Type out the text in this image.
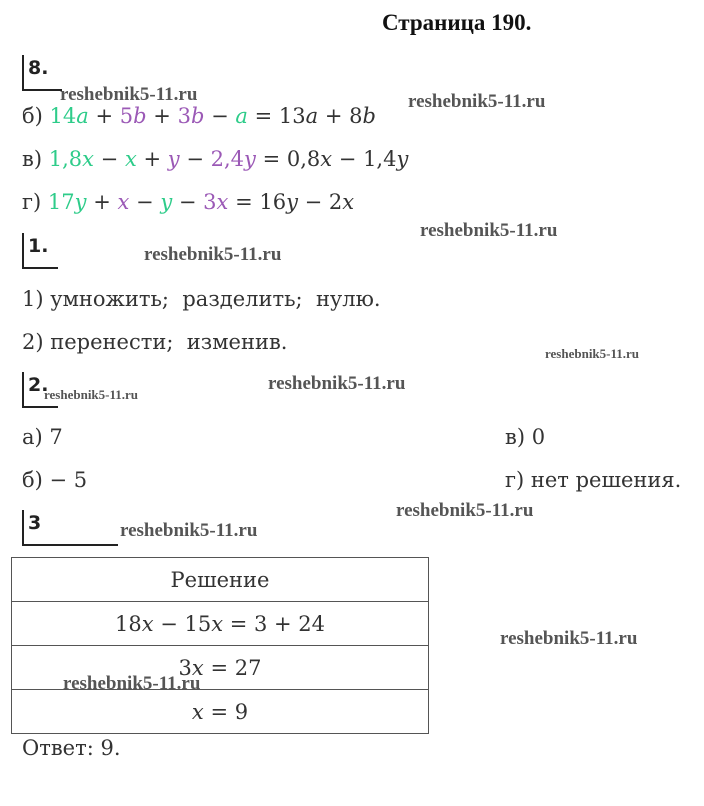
Страница 190.
8.
б) 14a + 5b + 3b − a = 13a + 8b
в) 1,8x − x + y − 2,4y = 0,8x − 1,4y
г) 17y + x − y − 3x = 16y − 2x
1.
1) умножить;  разделить;  нулю.
2) перенести;  изменив.
2.
а) 7
б) − 5
в) 0
г) нет решения.
3
Решение
18x − 15x = 3 + 24
3x = 27
x = 9
Ответ: 9.
reshebnik5-11.ru	reshebnik5-11.ru
reshebnik5-11.ru
reshebnik5-11.ru
reshebnik5-11.ru
reshebnik5-11.ru
reshebnik5-11.ru
reshebnik5-11.ru
reshebnik5-11.ru
reshebnik5-11.ru
reshebnik5-11.ru
